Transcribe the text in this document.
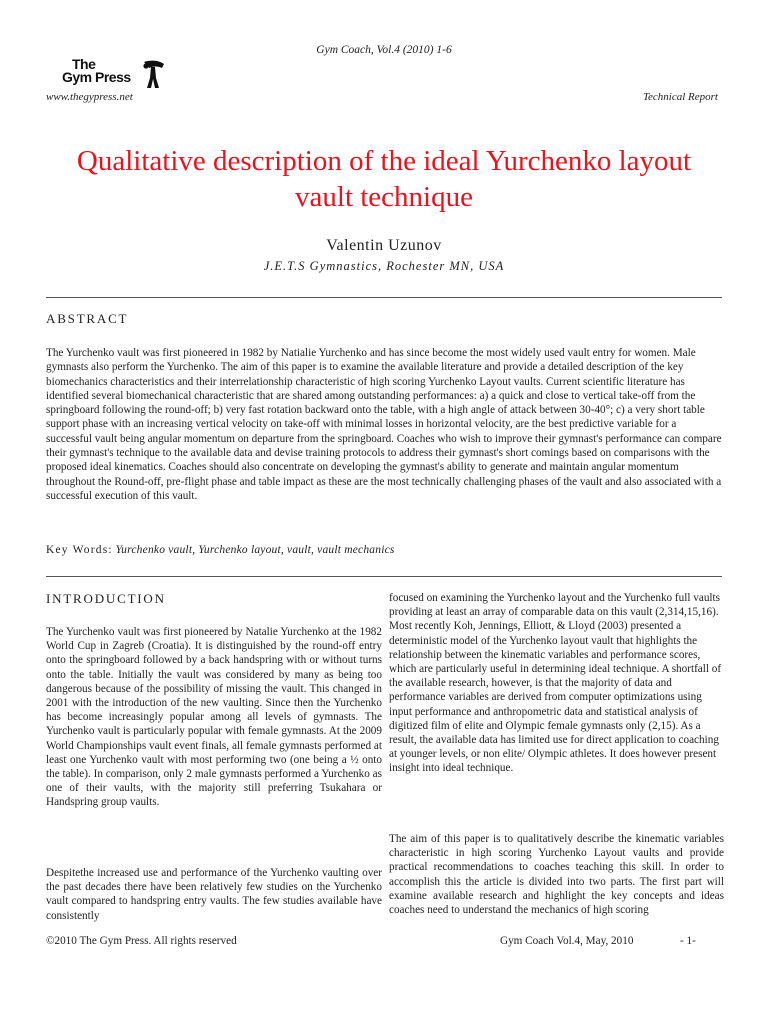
Gym Coach, Vol.4 (2010) 1-6
The
Gym Press
www.thegypress.net	Technical Report
Qualitative description of the ideal Yurchenko layout vault technique
Valentin Uzunov
J.E.T.S Gymnastics, Rochester MN, USA
ABSTRACT
The Yurchenko vault was first pioneered in 1982 by Natialie Yurchenko and has since become the most widely used vault entry for women. Male gymnasts also perform the Yurchenko. The aim of this paper is to examine the available literature and provide a detailed description of the key biomechanics characteristics and their interrelationship characteristic of high scoring Yurchenko Layout vaults. Current scientific literature has identified several biomechanical characteristic that are shared among outstanding performances: a) a quick and close to vertical take-off from the springboard following the round-off; b) very fast rotation backward onto the table, with a high angle of attack between 30-40°; c) a very short table support phase with an increasing vertical velocity on take-off with minimal losses in horizontal velocity, are the best predictive variable for a successful vault being angular momentum on departure from the springboard. Coaches who wish to improve their gymnast's performance can compare their gymnast's technique to the available data and devise training protocols to address their gymnast's short comings based on comparisons with the proposed ideal kinematics. Coaches should also concentrate on developing the gymnast's ability to generate and maintain angular momentum throughout the Round-off, pre-flight phase and table impact as these are the most technically challenging phases of the vault and also associated with a successful execution of this vault.
Key Words: Yurchenko vault, Yurchenko layout, vault, vault mechanics
INTRODUCTION
The Yurchenko vault was first pioneered by Natalie Yurchenko at the 1982 World Cup in Zagreb (Croatia). It is distinguished by the round-off entry onto the springboard followed by a back handspring with or without turns onto the table. Initially the vault was considered by many as being too dangerous because of the possibility of missing the vault. This changed in 2001 with the introduction of the new vaulting. Since then the Yurchenko has become increasingly popular among all levels of gymnasts. The Yurchenko vault is particularly popular with female gymnasts. At the 2009 World Championships vault event finals, all female gymnasts performed at least one Yurchenko vault with most performing two (one being a ½ onto the table). In comparison, only 2 male gymnasts performed a Yurchenko as one of their vaults, with the majority still preferring Tsukahara or Handspring group vaults.
Despitethe increased use and performance of the Yurchenko vaulting over the past decades there have been relatively few studies on the Yurchenko vault compared to handspring entry vaults. The few studies available have consistently
focused on examining the Yurchenko layout and the Yurchenko full vaults providing at least an array of comparable data on this vault (2,314,15,16). Most recently Koh, Jennings, Elliott, & Lloyd (2003) presented a deterministic model of the Yurchenko layout vault that highlights the relationship between the kinematic variables and performance scores, which are particularly useful in determining ideal technique. A shortfall of the available research, however, is that the majority of data and performance variables are derived from computer optimizations using input performance and anthropometric data and statistical analysis of digitized film of elite and Olympic female gymnasts only (2,15). As a result, the available data has limited use for direct application to coaching at younger levels, or non elite/ Olympic athletes. It does however present insight into ideal technique.
The aim of this paper is to qualitatively describe the kinematic variables characteristic in high scoring Yurchenko Layout vaults and provide practical recommendations to coaches teaching this skill. In order to accomplish this the article is divided into two parts. The first part will examine available research and highlight the key concepts and ideas coaches need to understand the mechanics of high scoring
©2010 The Gym Press. All rights reserved	Gym Coach Vol.4, May, 2010	- 1-
